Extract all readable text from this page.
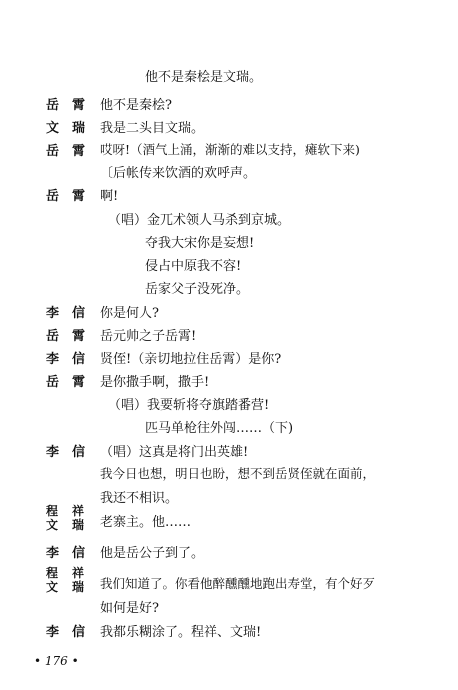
他不是秦桧是文瑞。
岳 霄 他不是秦桧?
文 瑞 我是二头目文瑞。
岳 霄 哎呀!（酒气上涌，渐渐的难以支持，瘫软下来)
〔后帐传来饮酒的欢呼声。
岳 霄 啊!
（唱）金兀术领人马杀到京城。
夺我大宋你是妄想!
侵占中原我不容!
岳家父子没死净。
李 信 你是何人?
岳 霄 岳元帅之子岳霄!
李 信 贤侄!（亲切地拉住岳霄）是你?
岳 霄 是你撒手啊，撒手!
（唱）我要斩将夺旗踏番营!
匹马单枪往外闯……（下)
李 信 （唱）这真是将门出英雄!
我今日也想，明日也盼，想不到岳贤侄就在面前，
我还不相识。
程 祥
文 瑞 老寨主。他……
李 信 他是岳公子到了。
程 祥
文 瑞 我们知道了。你看他醉醺醺地跑出寿堂，有个好歹
如何是好?
李 信 我都乐糊涂了。程祥、文瑞!
• 176 •
